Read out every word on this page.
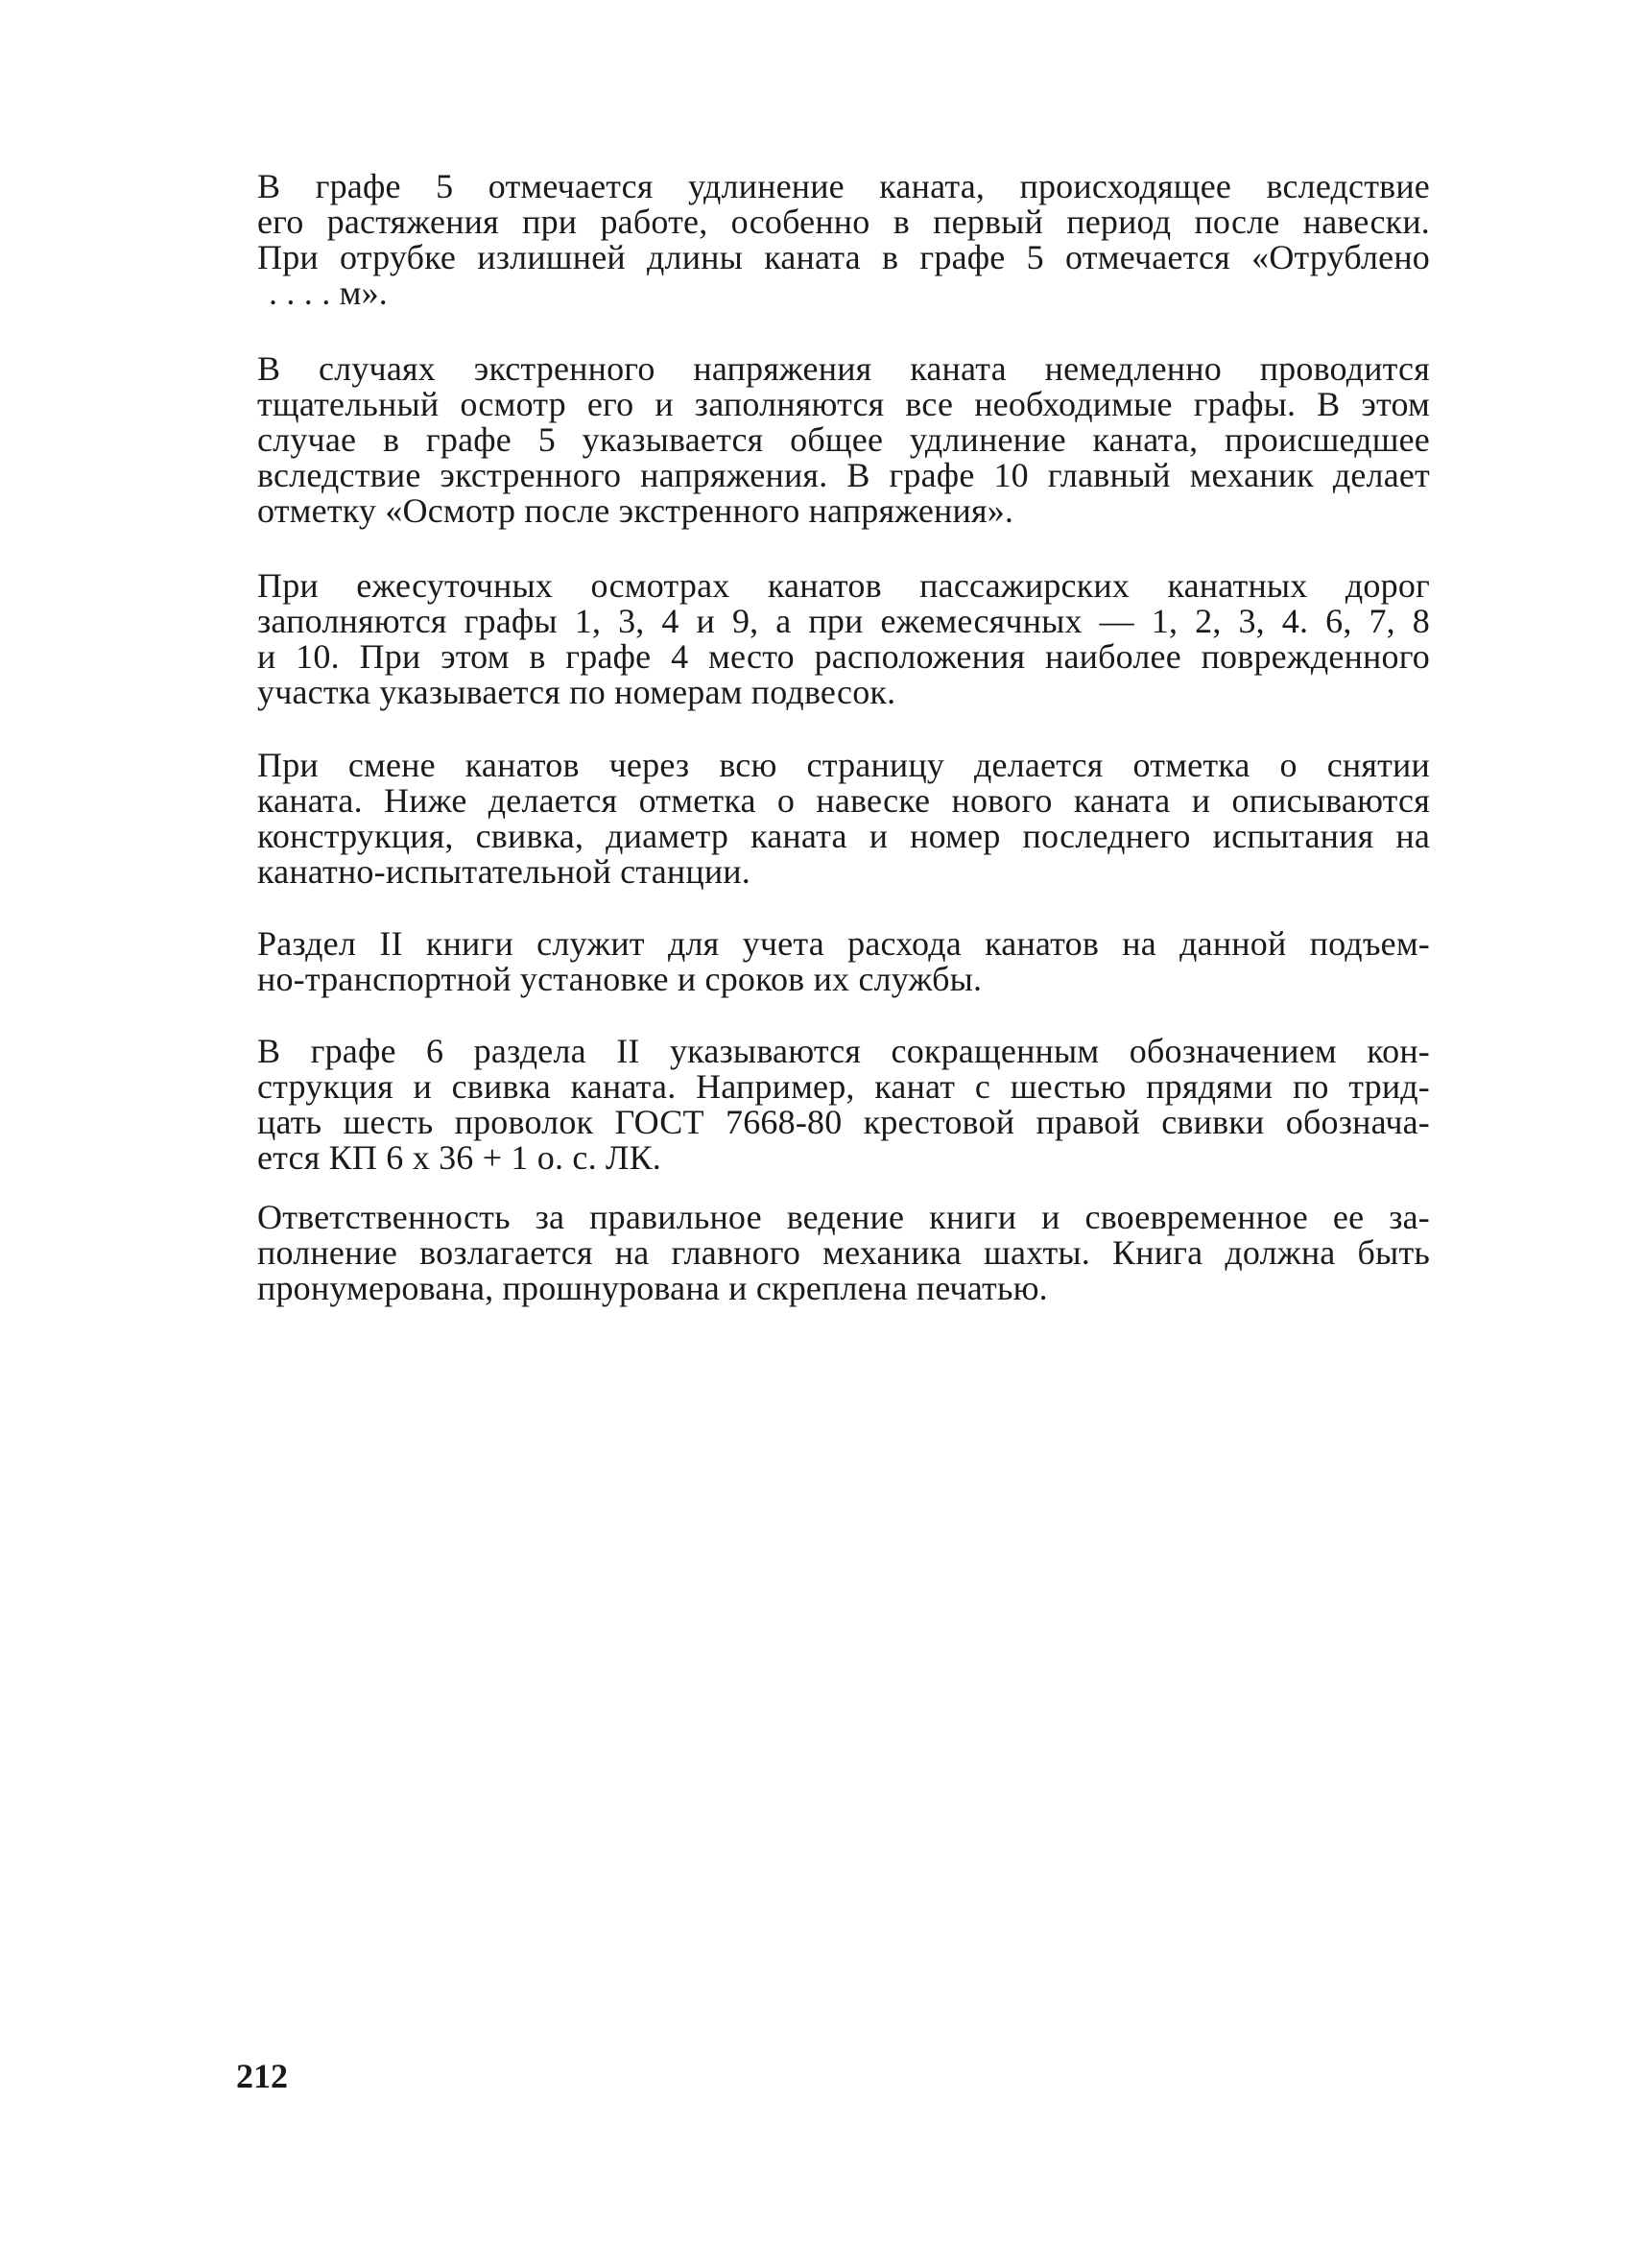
В графе 5 отмечается удлинение каната, происходящее вследствие
его растяжения при работе, особенно в первый период после навески.
При отрубке излишней длины каната в графе 5 отмечается «Отрублено
. . . . м».
В случаях экстренного напряжения каната немедленно проводится
тщательный осмотр его и заполняются все необходимые графы. В этом
случае в графе 5 указывается общее удлинение каната, происшедшее
вследствие экстренного напряжения. В графе 10 главный механик делает
отметку «Осмотр после экстренного напряжения».
При ежесуточных осмотрах канатов пассажирских канатных дорог
заполняются графы 1, 3, 4 и 9, а при ежемесячных — 1, 2, 3, 4. 6, 7, 8
и 10. При этом в графе 4 место расположения наиболее поврежденного
участка указывается по номерам подвесок.
При смене канатов через всю страницу делается отметка о снятии
каната. Ниже делается отметка о навеске нового каната и описываются
конструкция, свивка, диаметр каната и номер последнего испытания на
канатно-испытательной станции.
Раздел II книги служит для учета расхода канатов на данной подъем-
но-транспортной установке и сроков их службы.
В графе 6 раздела II указываются сокращенным обозначением кон-
струкция и свивка каната. Например, канат с шестью прядями по трид-
цать шесть проволок ГОСТ 7668-80 крестовой правой свивки обознача-
ется КП 6 х 36 + 1 о. с. ЛК.
Ответственность за правильное ведение книги и своевременное ее за-
полнение возлагается на главного механика шахты. Книга должна быть
пронумерована, прошнурована и скреплена печатью.
212
